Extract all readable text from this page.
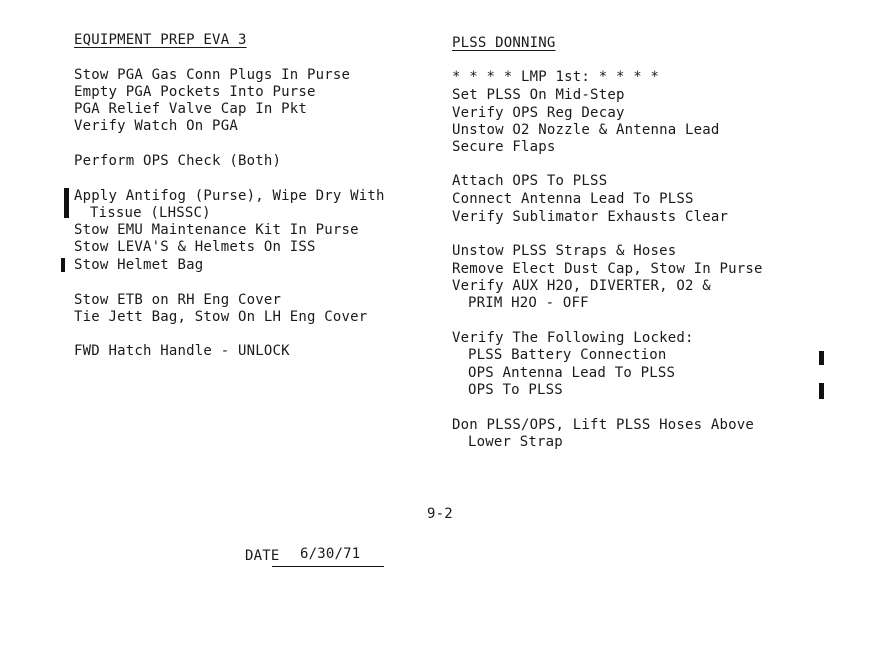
EQUIPMENT PREP EVA 3
Stow PGA Gas Conn Plugs In Purse
Empty PGA Pockets Into Purse
PGA Relief Valve Cap In Pkt
Verify Watch On PGA
Perform OPS Check (Both)
Apply Antifog (Purse), Wipe Dry With
Tissue (LHSSC)
Stow EMU Maintenance Kit In Purse
Stow LEVA'S & Helmets On ISS
Stow Helmet Bag
Stow ETB on RH Eng Cover
Tie Jett Bag, Stow On LH Eng Cover
FWD Hatch Handle - UNLOCK
PLSS DONNING
* * * * LMP 1st: * * * *
Set PLSS On Mid-Step
Verify OPS Reg Decay
Unstow O2 Nozzle & Antenna Lead
Secure Flaps
Attach OPS To PLSS
Connect Antenna Lead To PLSS
Verify Sublimator Exhausts Clear
Unstow PLSS Straps & Hoses
Remove Elect Dust Cap, Stow In Purse
Verify AUX H2O, DIVERTER, O2 &
PRIM H2O - OFF
Verify The Following Locked:
PLSS Battery Connection
OPS Antenna Lead To PLSS
OPS To PLSS
Don PLSS/OPS, Lift PLSS Hoses Above
Lower Strap
9-2
DATE 6/30/71
